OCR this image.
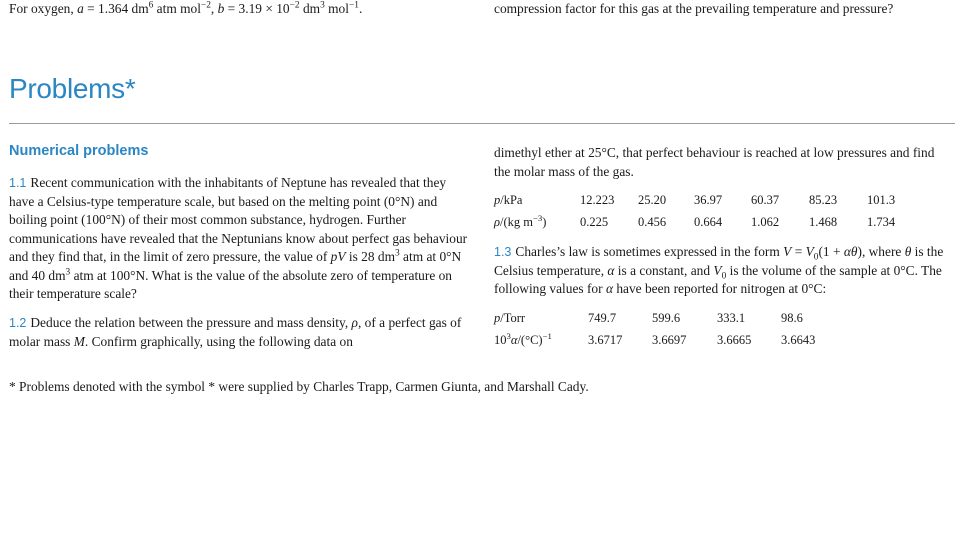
For oxygen, a = 1.364 $dm^6$ atm mol$^{-2}$, $b = 3.19 \times 10^{-2}$ $dm^3$ mol$^{-1}$.	compression factor for this gas at the prevailing temperature and pressure?
Problems*
Numerical problems
1.1 Recent communication with the inhabitants of Neptune has revealed that they have a Celsius-type temperature scale, but based on the melting point (0°N) and boiling point (100°N) of their most common substance, hydrogen. Further communications have revealed that the Neptunians know about perfect gas behaviour and they find that, in the limit of zero pressure, the value of pV is 28 $dm^3$ atm at 0°N and 40 $dm^3$ atm at 100°N. What is the value of the absolute zero of temperature on their temperature scale?
1.2 Deduce the relation between the pressure and mass density, ρ, of a perfect gas of molar mass M. Confirm graphically, using the following data on
dimethyl ether at 25°C, that perfect behaviour is reached at low pressures and find the molar mass of the gas.
p/kPa	12.223	25.20	36.97	60.37	85.23	101.3
ρ/(kg $m^{-3}$)	0.225	0.456	0.664	1.062	1.468	1.734
1.3 Charles’s law is sometimes expressed in the form $V = V_0(1 + \alpha\theta)$, where θ is the Celsius temperature, α is a constant, and $V_0$ is the volume of the sample at 0°C. The following values for α have been reported for nitrogen at 0°C:
p/Torr	749.7	599.6	333.1	98.6
$10^3\alpha/(^\circ C)^{-1}$	3.6717	3.6697	3.6665	3.6643
* Problems denoted with the symbol * were supplied by Charles Trapp, Carmen Giunta, and Marshall Cady.
